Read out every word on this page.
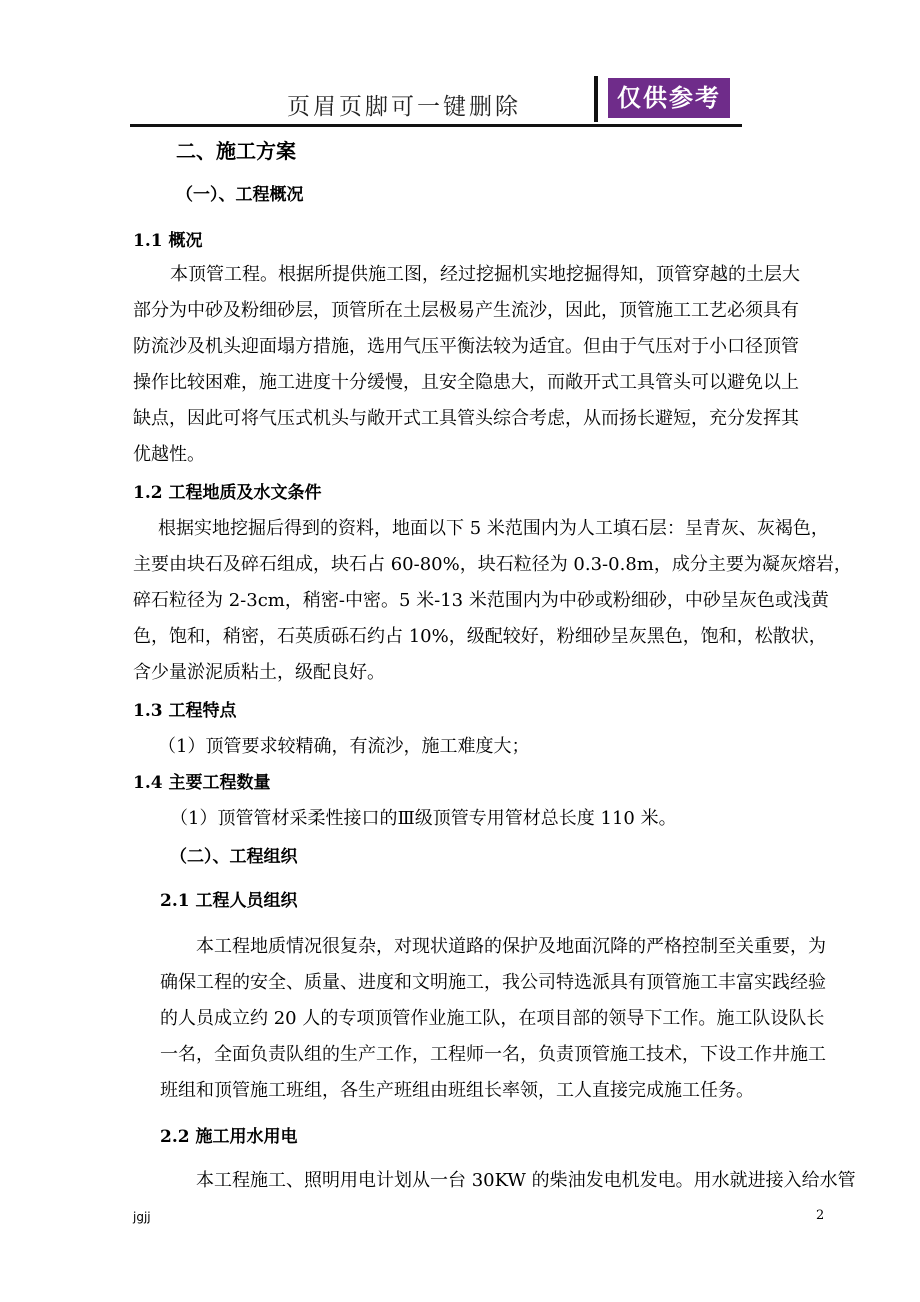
页眉页脚可一键删除	仅供参考
二、施工方案
（一）、工程概况
1.1 概况
本顶管工程。根据所提供施工图，经过挖掘机实地挖掘得知，顶管穿越的土层大
部分为中砂及粉细砂层，顶管所在土层极易产生流沙，因此，顶管施工工艺必须具有
防流沙及机头迎面塌方措施，选用气压平衡法较为适宜。但由于气压对于小口径顶管
操作比较困难，施工进度十分缓慢，且安全隐患大，而敞开式工具管头可以避免以上
缺点，因此可将气压式机头与敞开式工具管头综合考虑，从而扬长避短，充分发挥其
优越性。
1.2 工程地质及水文条件
根据实地挖掘后得到的资料，地面以下 5 米范围内为人工填石层：呈青灰、灰褐色，
主要由块石及碎石组成，块石占 60-80%，块石粒径为 0.3-0.8m，成分主要为凝灰熔岩，
碎石粒径为 2-3cm，稍密-中密。5 米-13 米范围内为中砂或粉细砂，中砂呈灰色或浅黄
色，饱和，稍密，石英质砾石约占 10%，级配较好，粉细砂呈灰黑色，饱和，松散状，
含少量淤泥质粘土，级配良好。
1.3 工程特点
（1）顶管要求较精确，有流沙，施工难度大；
1.4 主要工程数量
（1）顶管管材采柔性接口的Ⅲ级顶管专用管材总长度 110 米。
（二）、工程组织
2.1 工程人员组织
本工程地质情况很复杂，对现状道路的保护及地面沉降的严格控制至关重要，为
确保工程的安全、质量、进度和文明施工，我公司特选派具有顶管施工丰富实践经验
的人员成立约 20 人的专项顶管作业施工队，在项目部的领导下工作。施工队设队长
一名，全面负责队组的生产工作，工程师一名，负责顶管施工技术，下设工作井施工
班组和顶管施工班组，各生产班组由班组长率领，工人直接完成施工任务。
2.2 施工用水用电
本工程施工、照明用电计划从一台 30KW 的柴油发电机发电。用水就进接入给水管
jgjj	2
